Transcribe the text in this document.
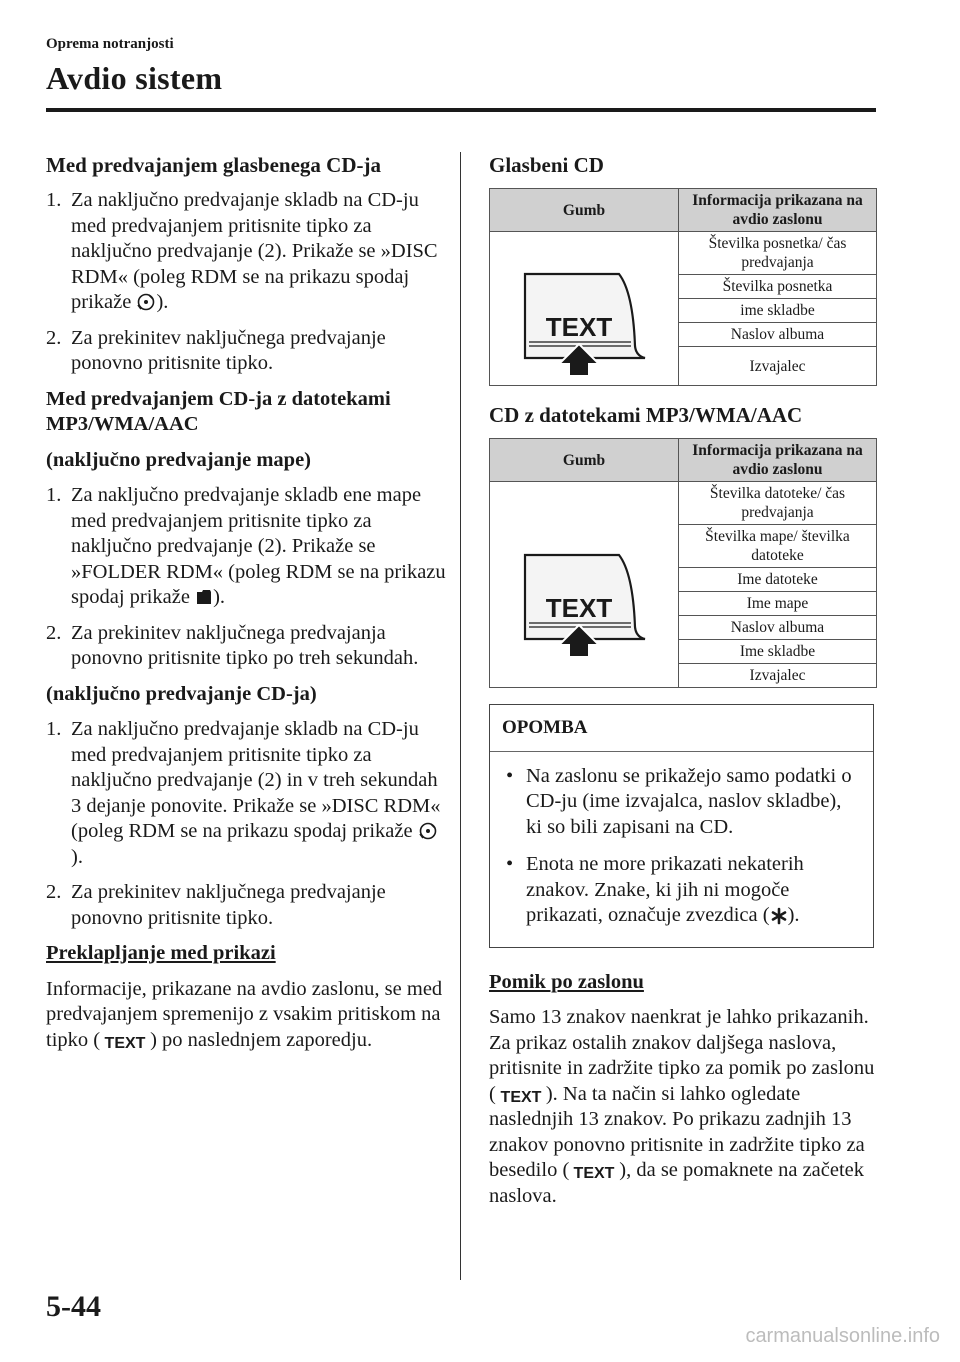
Oprema notranjosti
Avdio sistem
Med predvajanjem glasbenega CD-ja
1. Za naključno predvajanje skladb na CD-ju med predvajanjem pritisnite tipko za naključno predvajanje (2). Prikaže se »DISC RDM« (poleg RDM se na prikazu spodaj prikaže ).
2. Za prekinitev naključnega predvajanje ponovno pritisnite tipko.
Med predvajanjem CD-ja z datotekami MP3/WMA/AAC
(naključno predvajanje mape)
1. Za naključno predvajanje skladb ene mape med predvajanjem pritisnite tipko za naključno predvajanje (2). Prikaže se »FOLDER RDM« (poleg RDM se na prikazu spodaj prikaže ).
2. Za prekinitev naključnega predvajanja ponovno pritisnite tipko po treh sekundah.
(naključno predvajanje CD-ja)
1. Za naključno predvajanje skladb na CD-ju med predvajanjem pritisnite tipko za naključno predvajanje (2) in v treh sekundah 3 dejanje ponovite. Prikaže se »DISC RDM« (poleg RDM se na prikazu spodaj prikaže ).
2. Za prekinitev naključnega predvajanje ponovno pritisnite tipko.
Preklapljanje med prikazi

Informacije, prikazane na avdio zaslonu, se med predvajanjem spremenijo z vsakim pritiskom na tipko ( TEXT ) po naslednjem zaporedju.

Glasbeni CD
Gumb	Informacija prikazana na avdio zaslonu

TEXT	Številka posnetka/ čas predvajanja
	Številka posnetka
	ime skladbe
	Naslov albuma
	Izvajalec
CD z datotekami MP3/WMA/AAC
Gumb	Informacija prikazana na avdio zaslonu

TEXT	Številka datoteke/ čas predvajanja
	Številka mape/ številka datoteke
	Ime datoteke
	Ime mape
	Naslov albuma
	Ime skladbe
	Izvajalec
OPOMBA
• Na zaslonu se prikažejo samo podatki o CD-ju (ime izvajalca, naslov skladbe), ki so bili zapisani na CD.
• Enota ne more prikazati nekaterih znakov. Znake, ki jih ni mogoče prikazati, označuje zvezdica ( ).
Pomik po zaslonu

Samo 13 znakov naenkrat je lahko prikazanih. Za prikaz ostalih znakov daljšega naslova, pritisnite in zadržite tipko za pomik po zaslonu ( TEXT ). Na ta način si lahko ogledate naslednjih 13 znakov. Po prikazu zadnjih 13 znakov ponovno pritisnite in zadržite tipko za besedilo ( TEXT ), da se pomaknete na začetek naslova.

5-44
carmanualsonline.info
